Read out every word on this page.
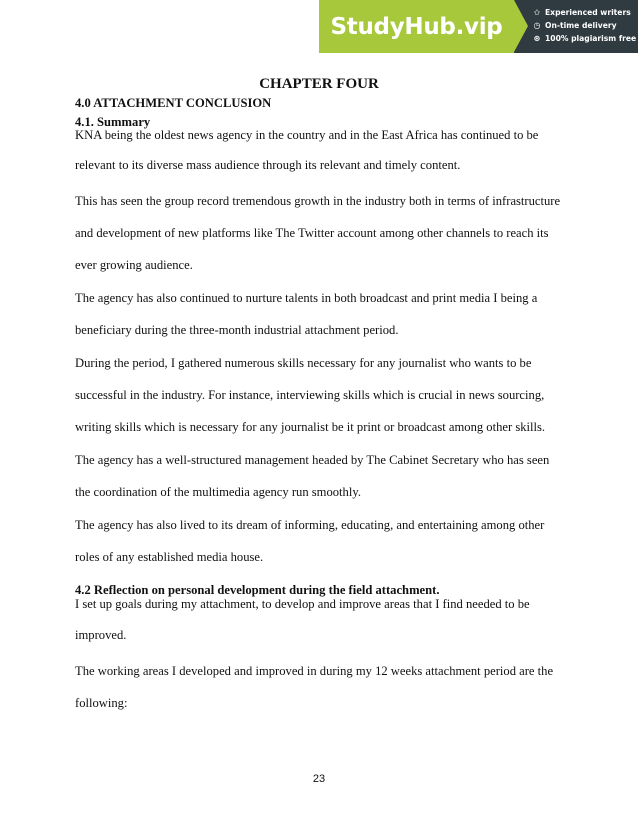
StudyHub.vip
✩ Experienced writers
◷ On-time delivery
⊛ 100% plagiarism free
CHAPTER FOUR
4.0 ATTACHMENT CONCLUSION
4.1. Summary
KNA being the oldest news agency in the country and in the East Africa has continued to be
relevant to its diverse mass audience through its relevant and timely content.
This has seen the group record tremendous growth in the industry both in terms of infrastructure
and development of new platforms like The Twitter account among other channels to reach its
ever growing audience.
The agency has also continued to nurture talents in both broadcast and print media I being a
beneficiary during the three-month industrial attachment period.
During the period, I gathered numerous skills necessary for any journalist who wants to be
successful in the industry. For instance, interviewing skills which is crucial in news sourcing,
writing skills which is necessary for any journalist be it print or broadcast among other skills.
The agency has a well-structured management headed by The Cabinet Secretary who has seen
the coordination of the multimedia agency run smoothly.
The agency has also lived to its dream of informing, educating, and entertaining among other
roles of any established media house.
4.2 Reflection on personal development during the field attachment.
I set up goals during my attachment, to develop and improve areas that I find needed to be
improved.
The working areas I developed and improved in during my 12 weeks attachment period are the
following:
23
